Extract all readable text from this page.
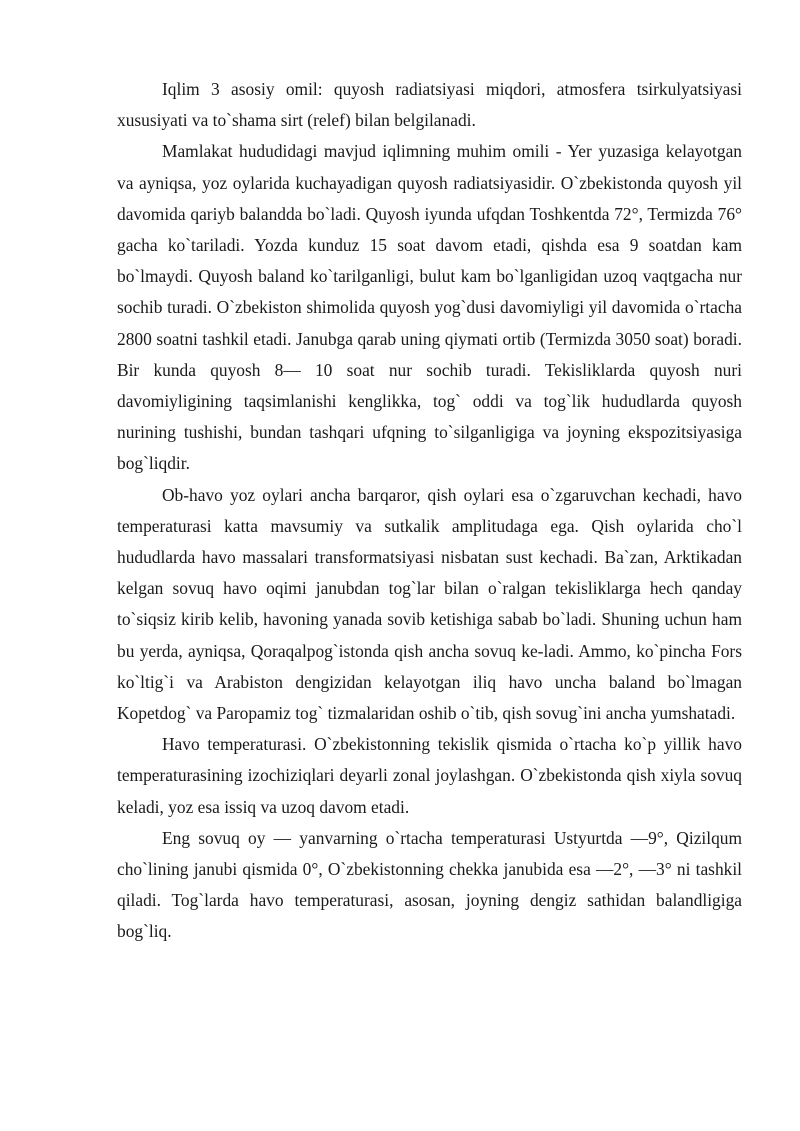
Iqlim 3 asosiy omil: quyosh radiatsiyasi miqdori, atmosfera tsirkulyatsiyasi xususiyati va to`shama sirt (relef) bilan belgilanadi.

Mamlakat hududidagi mavjud iqlimning muhim omili - Yer yuzasiga kelayotgan va ayniqsa, yoz oylarida kuchayadigan quyosh radiatsiyasidir. O`zbekistonda quyosh yil davomida qariyb balandda bo`ladi. Quyosh iyunda ufqdan Toshkentda 72°, Termizda 76° gacha ko`tariladi. Yozda kunduz 15 soat davom etadi, qishda esa 9 soatdan kam bo`lmaydi. Quyosh baland ko`tarilganligi, bulut kam bo`lganligidan uzoq vaqtgacha nur sochib turadi. O`zbekiston shimolida quyosh yog`dusi davomiyligi yil davomida o`rtacha 2800 soatni tashkil etadi. Janubga qarab uning qiymati ortib (Termizda 3050 soat) boradi. Bir kunda quyosh 8— 10 soat nur sochib turadi. Tekisliklarda quyosh nuri davomiyligining taqsimlanishi kenglikka, tog` oddi va tog`lik hududlarda quyosh nurining tushishi, bundan tashqari ufqning to`silganligiga va joyning ekspozitsiyasiga bog`liqdir.

Ob-havo yoz oylari ancha barqaror, qish oylari esa o`zgaruvchan kechadi, havo temperaturasi katta mavsumiy va sutkalik amplitudaga ega. Qish oylarida cho`l hududlarda havo massalari transformatsiyasi nisbatan sust kechadi. Ba`zan, Arktikadan kelgan sovuq havo oqimi janubdan tog`lar bilan o`ralgan tekisliklarga hech qanday to`siqsiz kirib kelib, havoning yanada sovib ketishiga sabab bo`ladi. Shuning uchun ham bu yerda, ayniqsa, Qoraqalpog`istonda qish ancha sovuq ke-ladi. Ammo, ko`pincha Fors ko`ltig`i va Arabiston dengizidan kelayotgan iliq havo uncha baland bo`lmagan Kopetdog` va Paropamiz tog` tizmalaridan oshib o`tib, qish sovug`ini ancha yumshatadi.

Havo temperaturasi. O`zbekistonning tekislik qismida o`rtacha ko`p yillik havo temperaturasining izochiziqlari deyarli zonal joylashgan. O`zbekistonda qish xiyla sovuq keladi, yoz esa issiq va uzoq davom etadi.

Eng sovuq oy — yanvarning o`rtacha temperaturasi Ustyurtda —9°, Qizilqum cho`lining janubi qismida 0°, O`zbekistonning chekka janubida esa —2°, —3° ni tashkil qiladi. Tog`larda havo temperaturasi, asosan, joyning dengiz sathidan balandligiga bog`liq.
